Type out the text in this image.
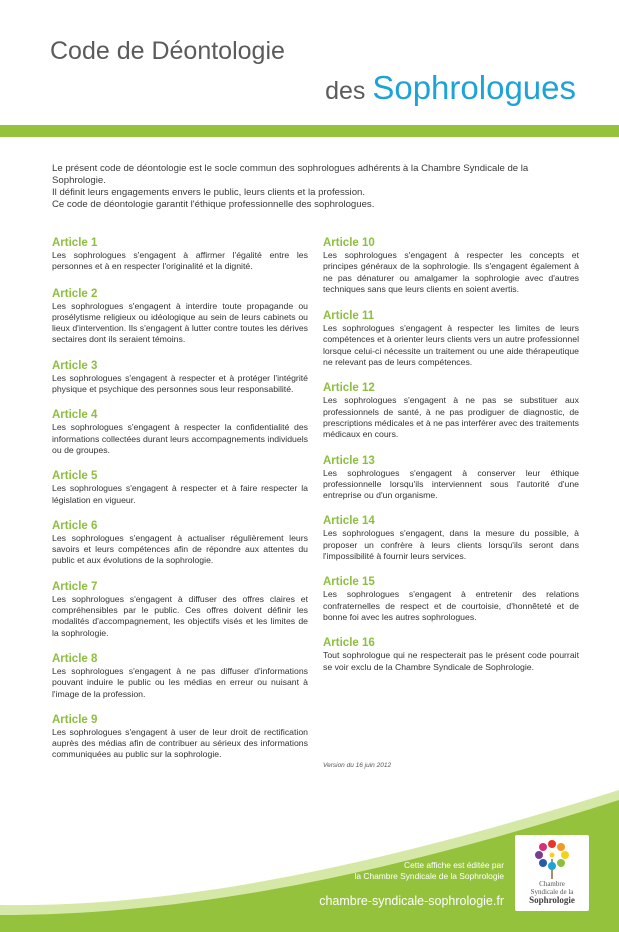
Code de Déontologie
des Sophrologues

Le présent code de déontologie est le socle commun des sophrologues adhérents à la Chambre Syndicale de la Sophrologie.

Il définit leurs engagements envers le public, leurs clients et la profession.

Ce code de déontologie garantit l'éthique professionnelle des sophrologues.

Article 1
Les sophrologues s'engagent à affirmer l'égalité entre les personnes et à en respecter l'originalité et la dignité.
Article 2
Les sophrologues s'engagent à interdire toute propagande ou prosélytisme religieux ou idéologique au sein de leurs cabinets ou lieux d'intervention. Ils s'engagent à lutter contre toutes les dérives sectaires dont ils seraient témoins.
Article 3
Les sophrologues s'engagent à respecter et à protéger l'intégrité physique et psychique des personnes sous leur responsabilité.
Article 4
Les sophrologues s'engagent à respecter la confidentialité des informations collectées durant leurs accompagnements individuels ou de groupes.
Article 5
Les sophrologues s'engagent à respecter et à faire respecter la législation en vigueur.
Article 6
Les sophrologues s'engagent à actualiser régulièrement leurs savoirs et leurs compétences afin de répondre aux attentes du public et aux évolutions de la sophrologie.
Article 7
Les sophrologues s'engagent à diffuser des offres claires et compréhensibles par le public. Ces offres doivent définir les modalités d'accompagnement, les objectifs visés et les limites de la sophrologie.
Article 8
Les sophrologues s'engagent à ne pas diffuser d'informations pouvant induire le public ou les médias en erreur ou nuisant à l'image de la profession.
Article 9
Les sophrologues s'engagent à user de leur droit de rectification auprès des médias afin de contribuer au sérieux des informations communiquées au public sur la sophrologie.
Article 10
Les sophrologues s'engagent à respecter les concepts et principes généraux de la sophrologie. Ils s'engagent également à ne pas dénaturer ou amalgamer la sophrologie avec d'autres techniques sans que leurs clients en soient avertis.
Article 11
Les sophrologues s'engagent à respecter les limites de leurs compétences et à orienter leurs clients vers un autre professionnel lorsque celui-ci nécessite un traitement ou une aide thérapeutique ne relevant pas de leurs compétences.
Article 12
Les sophrologues s'engagent à ne pas se substituer aux professionnels de santé, à ne pas prodiguer de diagnostic, de prescriptions médicales et à ne pas interférer avec des traitements médicaux en cours.
Article 13
Les sophrologues s'engagent à conserver leur éthique professionnelle lorsqu'ils interviennent sous l'autorité d'une entreprise ou d'un organisme.
Article 14
Les sophrologues s'engagent, dans la mesure du possible, à proposer un confrère à leurs clients lorsqu'ils seront dans l'impossibilité à fournir leurs services.
Article 15
Les sophrologues s'engagent à entretenir des relations confraternelles de respect et de courtoisie, d'honnêteté et de bonne foi avec les autres sophrologues.
Article 16
Tout sophrologue qui ne respecterait pas le présent code pourrait se voir exclu de la Chambre Syndicale de Sophrologie.
Version du 16 juin 2012
Cette affiche est éditée par
la Chambre Syndicale de la Sophrologie
chambre-syndicale-sophrologie.fr
Chambre
Syndicale de la
Sophrologie
